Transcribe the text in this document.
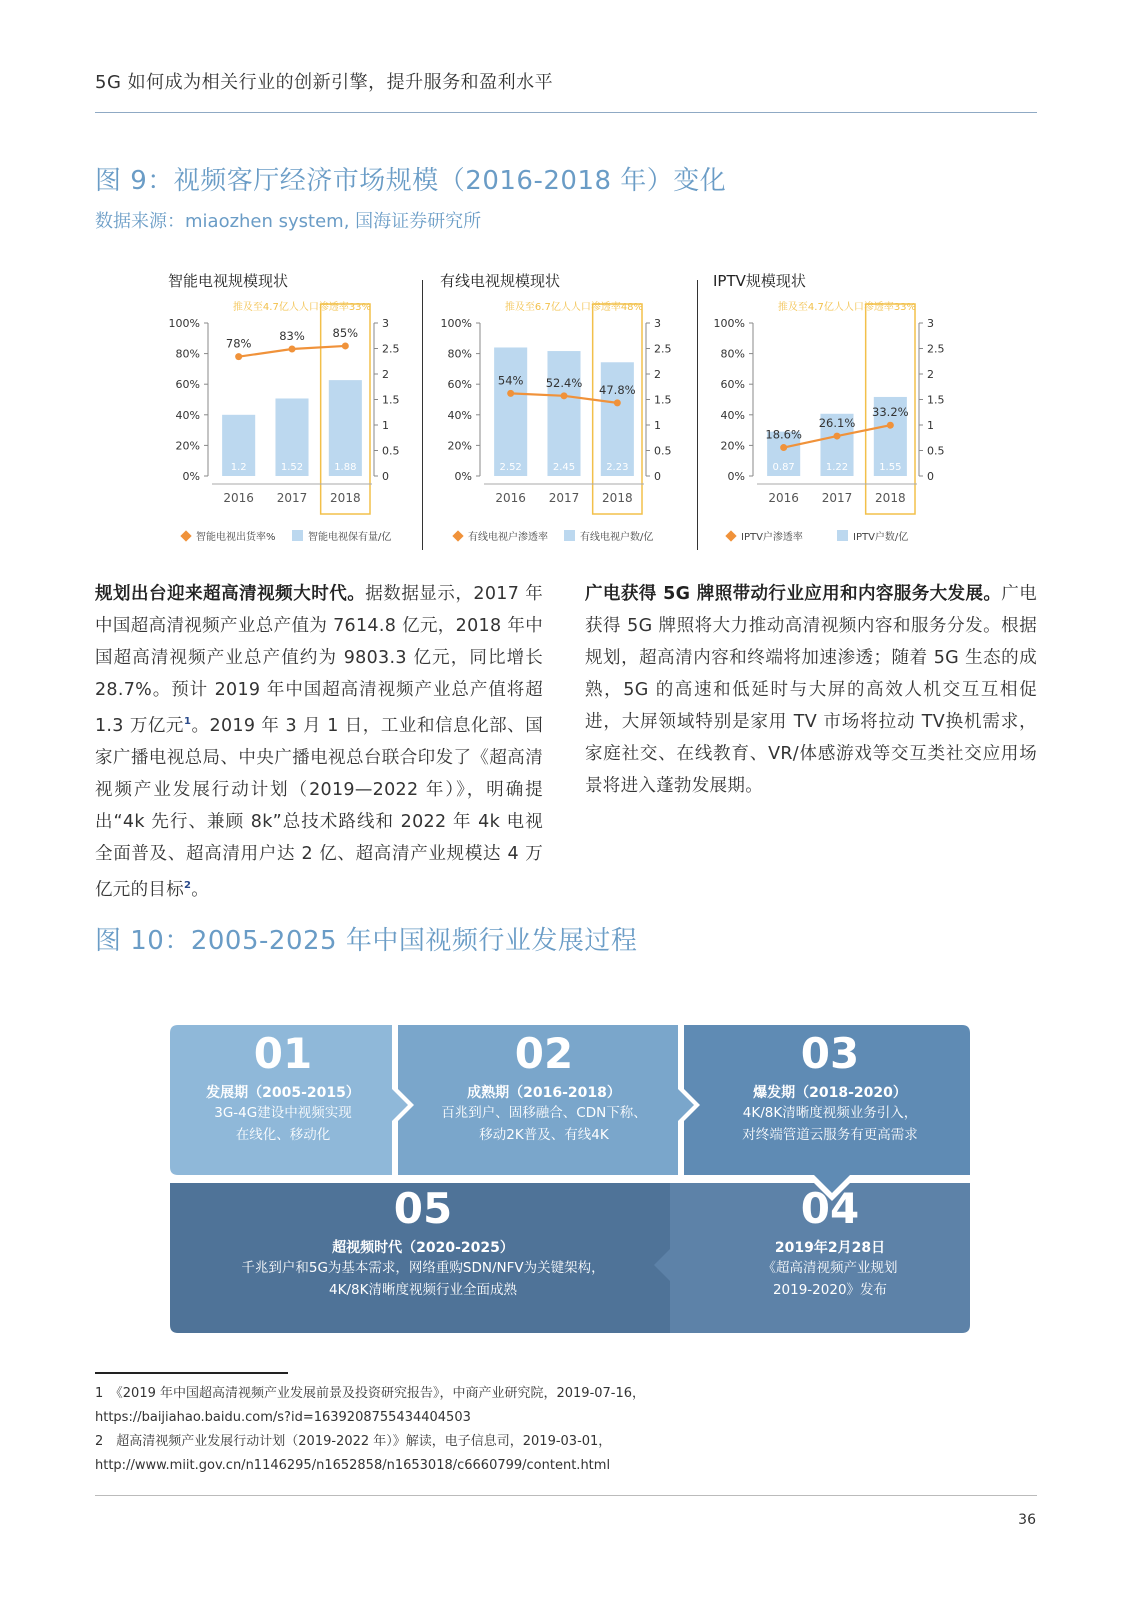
5G 如何成为相关行业的创新引擎，提升服务和盈利水平
图 9：视频客厅经济市场规模（2016-2018 年）变化
数据来源：miaozhen system, 国海证券研究所
智能电视规模现状
推及至4.7亿人人口渗透率33%
100%
80%
60%
40%
20%
0%
3
2.5
2
1.5
1
0.5
0
1.2
2016
1.52
2017
1.88
2018
78%
83% 85%
智能电视出货率%	智能电视保有量/亿
有线电视规模现状
推及至6.7亿人人口渗透率48%
100%
80%
60%
40%
20%
0%
3
2.5
2
1.5
1
0.5
0
2.52
2016
2.45
2017
2.23
2018
54% 52.4%
47.8%
有线电视户渗透率	有线电视户数/亿
IPTV规模现状
推及至4.7亿人人口渗透率33%
100%
80%
60%
40%
20%
0%
3
2.5
2
1.5
1
0.5
0
0.87
2016
1.22
2017
1.55
2018
18.6%
26.1%
33.2%
IPTV户渗透率	IPTV户数/亿
规划出台迎来超高清视频大时代。据数据显示，2017 年中国超高清视频产业总产值为 7614.8 亿元，2018 年中国超高清视频产业总产值约为 9803.3 亿元，同比增长 28.7%。预计 2019 年中国超高清视频产业总产值将超 1.3 万亿元$^1$。2019 年 3 月 1 日，工业和信息化部、国家广播电视总局、中央广播电视总台联合印发了《超高清视频产业发展行动计划（2019—2022 年）》，明确提出“4k 先行、兼顾 8k”总技术路线和 2022 年 4k 电视全面普及、超高清用户达 2 亿、超高清产业规模达 4 万亿元的目标$^2$。
广电获得 5G 牌照带动行业应用和内容服务大发展。广电获得 5G 牌照将大力推动高清视频内容和服务分发。根据规划，超高清内容和终端将加速渗透；随着 5G 生态的成熟，5G 的高速和低延时与大屏的高效人机交互互相促进，大屏领域特别是家用 TV 市场将拉动 TV换机需求，家庭社交、在线教育、VR/体感游戏等交互类社交应用场景将进入蓬勃发展期。
图 10：2005-2025 年中国视频行业发展过程
01
发展期（2005-2015）
3G-4G建设中视频实现
在线化、移动化
02
成熟期（2016-2018）
百兆到户、固移融合、CDN下称、
移动2K普及、有线4K
03
爆发期（2018-2020）
4K/8K清晰度视频业务引入，
对终端管道云服务有更高需求
04
2019年2月28日
《超高清视频产业规划
2019-2020》发布
05
超视频时代（2020-2025）
千兆到户和5G为基本需求，网络重购SDN/NFV为关键架构，
4K/8K清晰度视频行业全面成熟
1　《2019 年中国超高清视频产业发展前景及投资研究报告》，中商产业研究院，2019-07-16，
https://baijiahao.baidu.com/s?id=1639208755434404503
2　超高清视频产业发展行动计划（2019-2022 年）》解读，电子信息司，2019-03-01，
http://www.miit.gov.cn/n1146295/n1652858/n1653018/c6660799/content.html
36
